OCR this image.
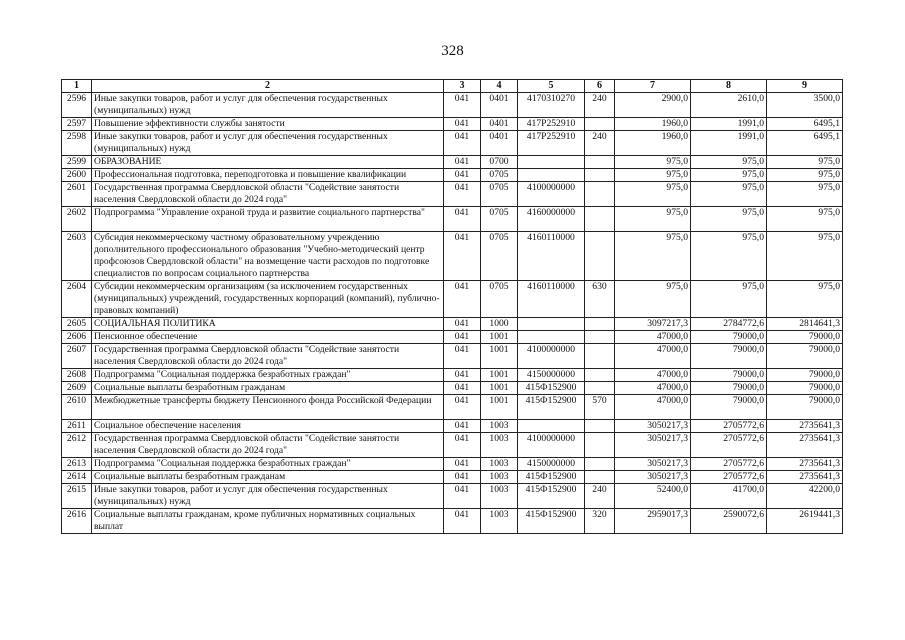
328
1	2	3	4	5	6	7	8	9
2596	Иные закупки товаров, работ и услуг для обеспечения государственных (муниципальных) нужд	041	0401	4170310270	240	2900,0	2610,0	3500,0
2597	Повышение эффективности службы занятости	041	0401	417P252910		1960,0	1991,0	6495,1
2598	Иные закупки товаров, работ и услуг для обеспечения государственных (муниципальных) нужд	041	0401	417P252910	240	1960,0	1991,0	6495,1
2599	ОБРАЗОВАНИЕ	041	0700			975,0	975,0	975,0
2600	Профессиональная подготовка, переподготовка и повышение квалификации	041	0705			975,0	975,0	975,0
2601	Государственная программа Свердловской области "Содействие занятости населения Свердловской области до 2024 года"	041	0705	4100000000		975,0	975,0	975,0
2602	Подпрограмма "Управление охраной труда и развитие социального партнерства"	041	0705	4160000000		975,0	975,0	975,0
2603	Субсидия некоммерческому частному образовательному учреждению дополнительного профессионального образования "Учебно-методический центр профсоюзов Свердловской области" на возмещение части расходов по подготовке специалистов по вопросам социального партнерства	041	0705	4160110000		975,0	975,0	975,0
2604	Субсидии некоммерческим организациям (за исключением государственных (муниципальных) учреждений, государственных корпораций (компаний), публично-правовых компаний)	041	0705	4160110000	630	975,0	975,0	975,0
2605	СОЦИАЛЬНАЯ ПОЛИТИКА	041	1000			3097217,3	2784772,6	2814641,3
2606	Пенсионное обеспечение	041	1001			47000,0	79000,0	79000,0
2607	Государственная программа Свердловской области "Содействие занятости населения Свердловской области до 2024 года"	041	1001	4100000000		47000,0	79000,0	79000,0
2608	Подпрограмма "Социальная поддержка безработных граждан"	041	1001	4150000000		47000,0	79000,0	79000,0
2609	Социальные выплаты безработным гражданам	041	1001	415Ф152900		47000,0	79000,0	79000,0
2610	Межбюджетные трансферты бюджету Пенсионного фонда Российской Федерации	041	1001	415Ф152900	570	47000,0	79000,0	79000,0
2611	Социальное обеспечение населения	041	1003			3050217,3	2705772,6	2735641,3
2612	Государственная программа Свердловской области "Содействие занятости населения Свердловской области до 2024 года"	041	1003	4100000000		3050217,3	2705772,6	2735641,3
2613	Подпрограмма "Социальная поддержка безработных граждан"	041	1003	4150000000		3050217,3	2705772,6	2735641,3
2614	Социальные выплаты безработным гражданам	041	1003	415Ф152900		3050217,3	2705772,6	2735641,3
2615	Иные закупки товаров, работ и услуг для обеспечения государственных (муниципальных) нужд	041	1003	415Ф152900	240	52400,0	41700,0	42200,0
2616	Социальные выплаты гражданам, кроме публичных нормативных социальных выплат	041	1003	415Ф152900	320	2959017,3	2590072,6	2619441,3
